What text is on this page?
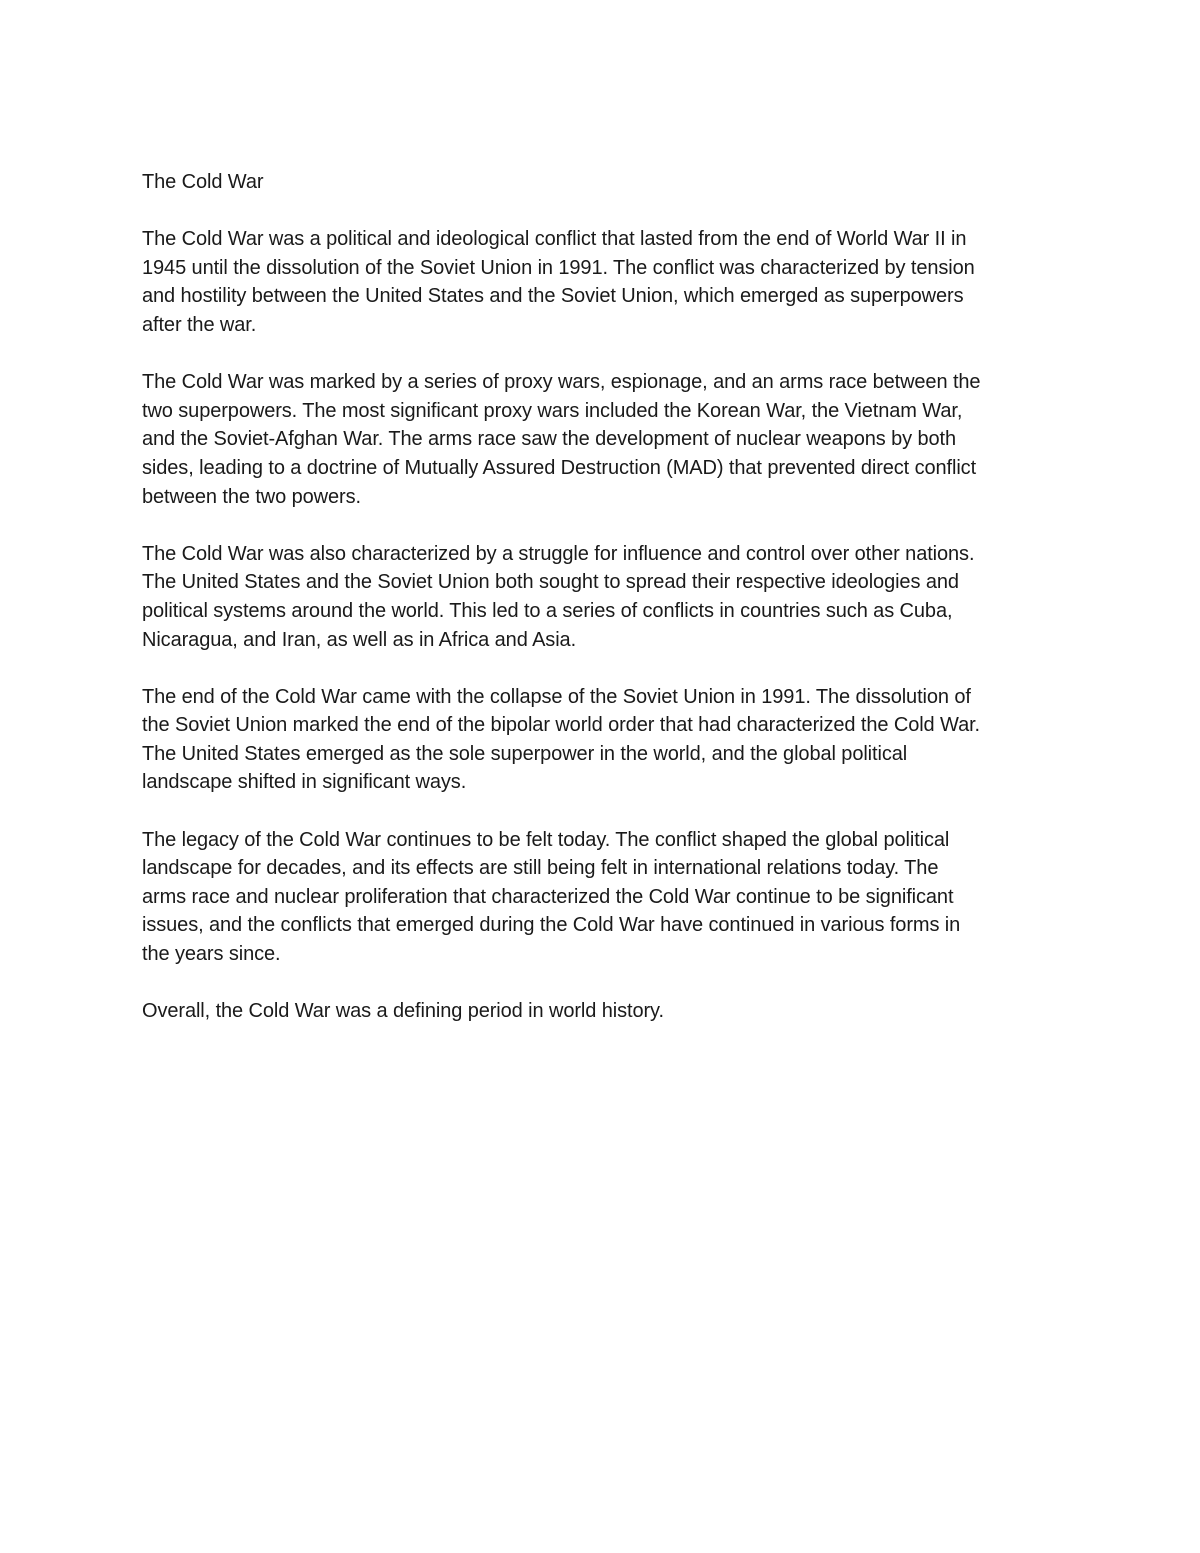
The Cold War
The Cold War was a political and ideological conflict that lasted from the end of World War II in
1945 until the dissolution of the Soviet Union in 1991. The conflict was characterized by tension
and hostility between the United States and the Soviet Union, which emerged as superpowers
after the war.
The Cold War was marked by a series of proxy wars, espionage, and an arms race between the
two superpowers. The most significant proxy wars included the Korean War, the Vietnam War,
and the Soviet-Afghan War. The arms race saw the development of nuclear weapons by both
sides, leading to a doctrine of Mutually Assured Destruction (MAD) that prevented direct conflict
between the two powers.
The Cold War was also characterized by a struggle for influence and control over other nations.
The United States and the Soviet Union both sought to spread their respective ideologies and
political systems around the world. This led to a series of conflicts in countries such as Cuba,
Nicaragua, and Iran, as well as in Africa and Asia.
The end of the Cold War came with the collapse of the Soviet Union in 1991. The dissolution of
the Soviet Union marked the end of the bipolar world order that had characterized the Cold War.
The United States emerged as the sole superpower in the world, and the global political
landscape shifted in significant ways.
The legacy of the Cold War continues to be felt today. The conflict shaped the global political
landscape for decades, and its effects are still being felt in international relations today. The
arms race and nuclear proliferation that characterized the Cold War continue to be significant
issues, and the conflicts that emerged during the Cold War have continued in various forms in
the years since.
Overall, the Cold War was a defining period in world history.
